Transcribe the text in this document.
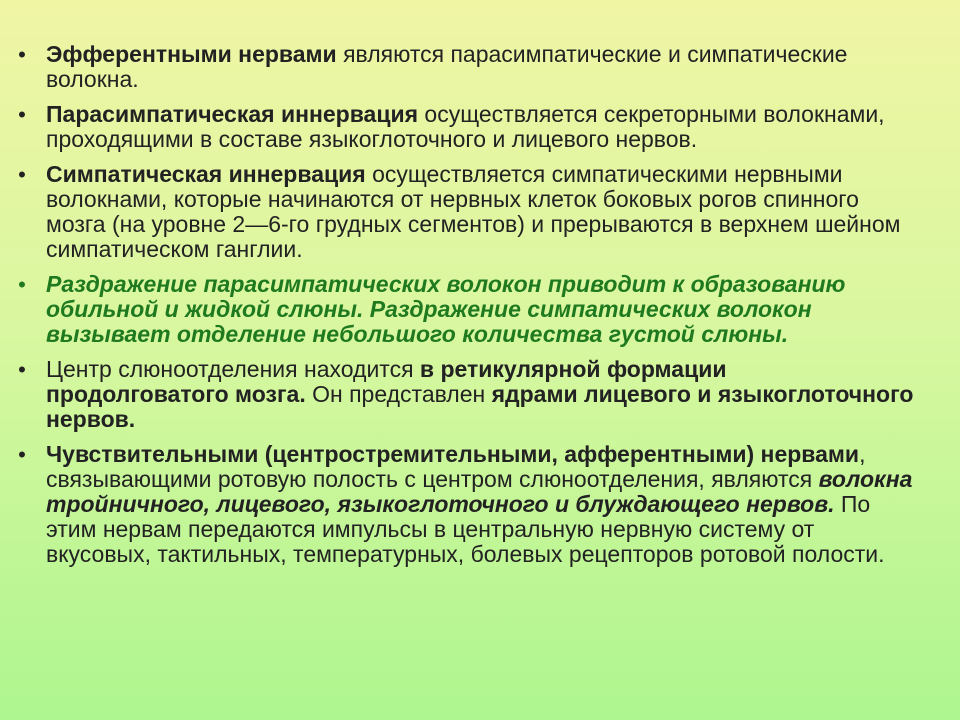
• Эфферентными нервами являются парасимпатические и симпатические волокна.
• Парасимпатическая иннервация осуществляется секреторными волокнами, проходящими в составе языкоглоточного и лицевого нервов.
• Симпатическая иннервация осуществляется симпатическими нервными волокнами, которые начинаются от нервных клеток боковых рогов спинного мозга (на уровне 2—6-го грудных сегментов) и прерываются в верхнем шейном симпатическом ганглии.
• Раздражение парасимпатических волокон приводит к образованию обильной и жидкой слюны. Раздражение симпатических волокон вызывает отделение небольшого количества густой слюны.
• Центр слюноотделения находится в ретикулярной формации продолговатого мозга. Он представлен ядрами лицевого и языкоглоточного нервов.
• Чувствительными (центростремительными, афферентными) нервами, связывающими ротовую полость с центром слюноотделения, являются волокна тройничного, лицевого, языкоглоточного и блуждающего нервов. По этим нервам передаются импульсы в центральную нервную систему от вкусовых, тактильных, температурных, болевых рецепторов ротовой полости.
